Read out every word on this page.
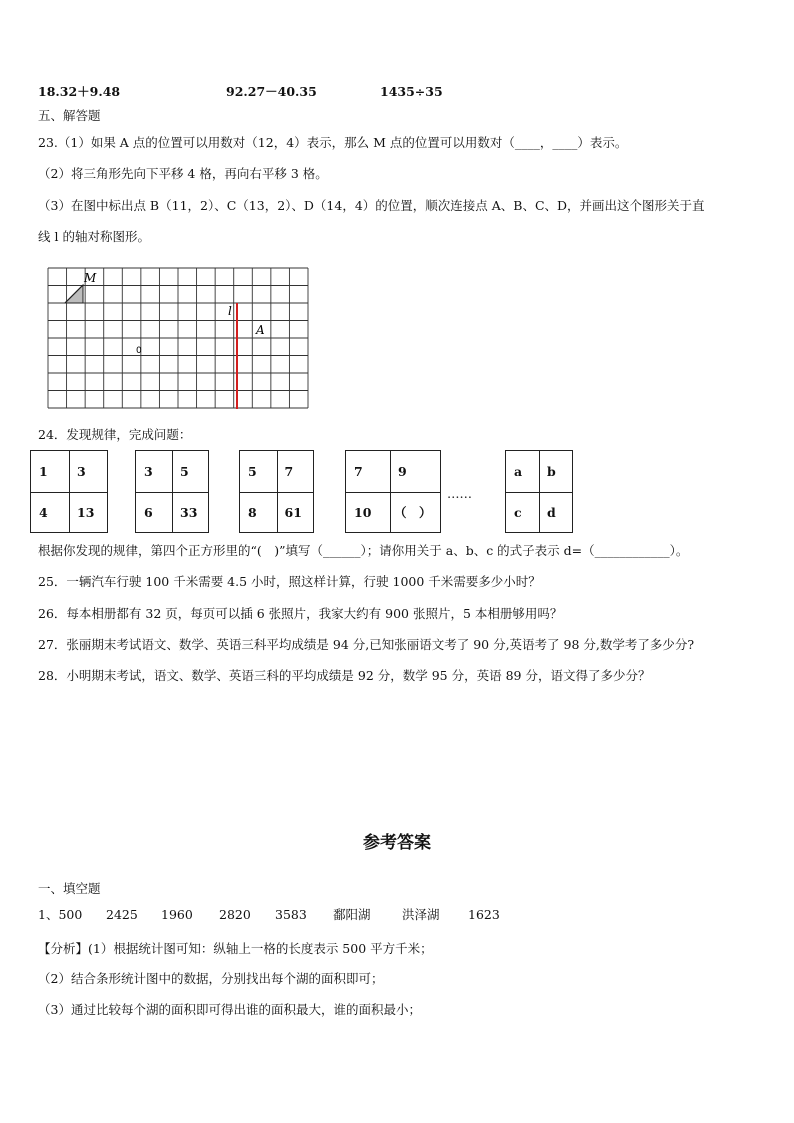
18.32＋9.48	92.27－40.35	1435÷35
五、解答题
23.（1）如果 A 点的位置可以用数对（12，4）表示，那么 M 点的位置可以用数对（____，____）表示。
（2）将三角形先向下平移 4 格，再向右平移 3 格。
（3）在图中标出点 B（11，2）、C（13，2）、D（14，4）的位置，顺次连接点 A、B、C、D，并画出这个图形关于直
线 l 的轴对称图形。
M
l
A
0
24．发现规律，完成问题：
1	3
4	13
3	5
6	33
5	7
8	61
7	9
10	（　）
……
a	b
c	d
根据你发现的规律，第四个正方形里的“(　)”填写（______）；请你用关于 a、b、c 的式子表示 d=（____________）。
25．一辆汽车行驶 100 千米需要 4.5 小时，照这样计算，行驶 1000 千米需要多少小时？
26．每本相册都有 32 页，每页可以插 6 张照片，我家大约有 900 张照片，5 本相册够用吗？
27．张丽期末考试语文、数学、英语三科平均成绩是 94 分,已知张丽语文考了 90 分,英语考了 98 分,数学考了多少分?
28．小明期末考试，语文、数学、英语三科的平均成绩是 92 分，数学 95 分，英语 89 分，语文得了多少分？
参考答案
一、填空题
1、500 2425 1960 2820 3583 鄱阳湖	洪泽湖 1623
【分析】(1）根据统计图可知：纵轴上一格的长度表示 500 平方千米；
（2）结合条形统计图中的数据，分别找出每个湖的面积即可；
（3）通过比较每个湖的面积即可得出谁的面积最大，谁的面积最小；
